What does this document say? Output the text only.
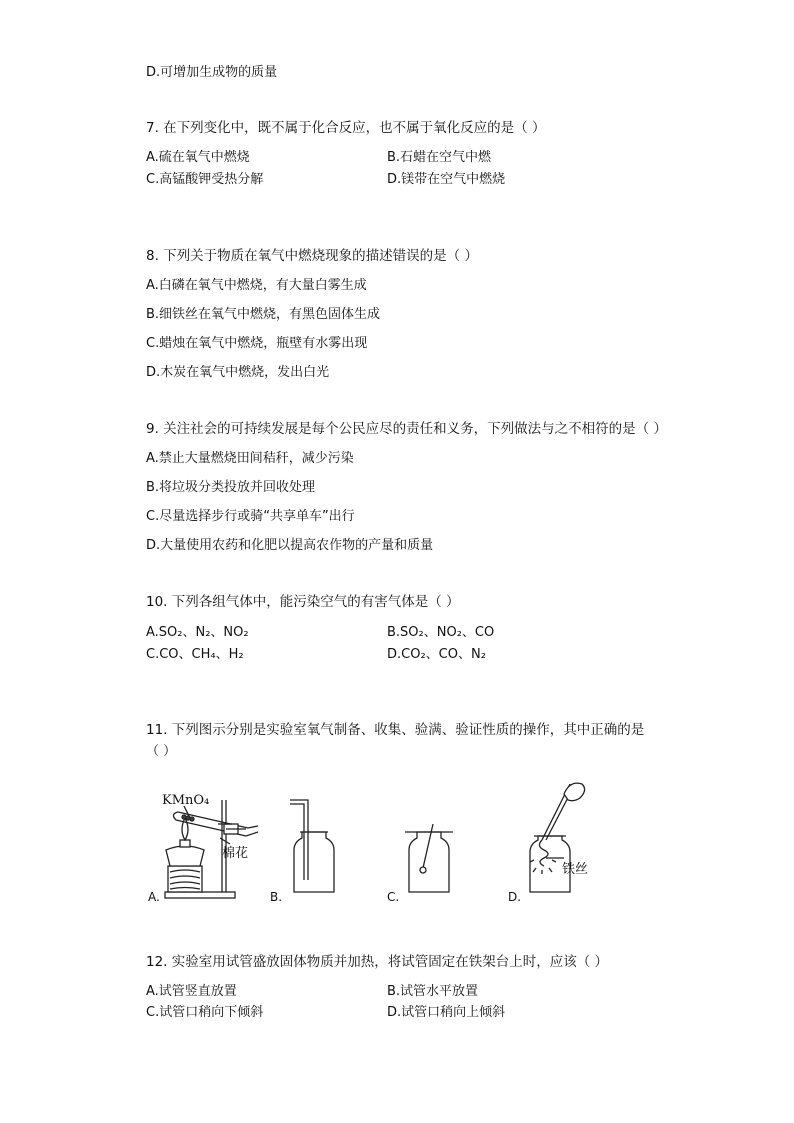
D.可增加生成物的质量
7. 在下列变化中，既不属于化合反应，也不属于氧化反应的是（ ）
A.硫在氧气中燃烧	B.石蜡在空气中燃
C.高锰酸钾受热分解	D.镁带在空气中燃烧
8. 下列关于物质在氧气中燃烧现象的描述错误的是（ ）
A.白磷在氧气中燃烧，有大量白雾生成
B.细铁丝在氧气中燃烧，有黑色固体生成
C.蜡烛在氧气中燃烧，瓶壁有水雾出现
D.木炭在氧气中燃烧，发出白光
9. 关注社会的可持续发展是每个公民应尽的责任和义务，下列做法与之不相符的是（ ）
A.禁止大量燃烧田间秸秆，减少污染
B.将垃圾分类投放并回收处理
C.尽量选择步行或骑“共享单车”出行
D.大量使用农药和化肥以提高农作物的产量和质量
10. 下列各组气体中，能污染空气的有害气体是（ ）
A.SO₂、N₂、NO₂	B.SO₂、NO₂、CO
C.CO、CH₄、H₂	D.CO₂、CO、N₂
11. 下列图示分别是实验室氧气制备、收集、验满、验证性质的操作，其中正确的是
（ ）
KMnO₄
棉花
A.	B.	C.
铁丝
D.
12. 实验室用试管盛放固体物质并加热，将试管固定在铁架台上时，应该（ ）
A.试管竖直放置	B.试管水平放置
C.试管口稍向下倾斜	D.试管口稍向上倾斜
